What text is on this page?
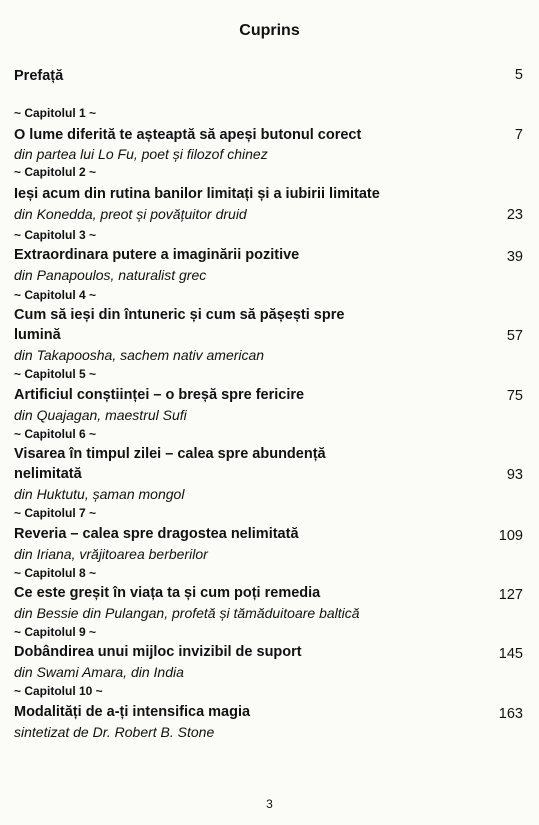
Cuprins
Prefață	5
~ Capitolul 1 ~
O lume diferită te așteaptă să apeși butonul corect	7
din partea lui Lo Fu, poet și filozof chinez
~ Capitolul 2 ~
Ieși acum din rutina banilor limitați și a iubirii limitate
din Konedda, preot și povățuitor druid	23
~ Capitolul 3 ~
Extraordinara putere a imaginării pozitive	39
din Panapoulos, naturalist grec
~ Capitolul 4 ~
Cum să ieși din întuneric și cum să pășești spre
lumină	57
din Takapoosha, sachem nativ american
~ Capitolul 5 ~
Artificiul conștiinței – o breșă spre fericire	75
din Quajagan, maestrul Sufi
~ Capitolul 6 ~
Visarea în timpul zilei – calea spre abundență
nelimitată	93
din Huktutu, șaman mongol
~ Capitolul 7 ~
Reveria – calea spre dragostea nelimitată	109
din Iriana, vrăjitoarea berberilor
~ Capitolul 8 ~
Ce este greșit în viața ta și cum poți remedia	127
din Bessie din Pulangan, profetă și tămăduitoare baltică
~ Capitolul 9 ~
Dobândirea unui mijloc invizibil de suport	145
din Swami Amara, din India
~ Capitolul 10 ~
Modalități de a-ți intensifica magia	163
sintetizat de Dr. Robert B. Stone
3
